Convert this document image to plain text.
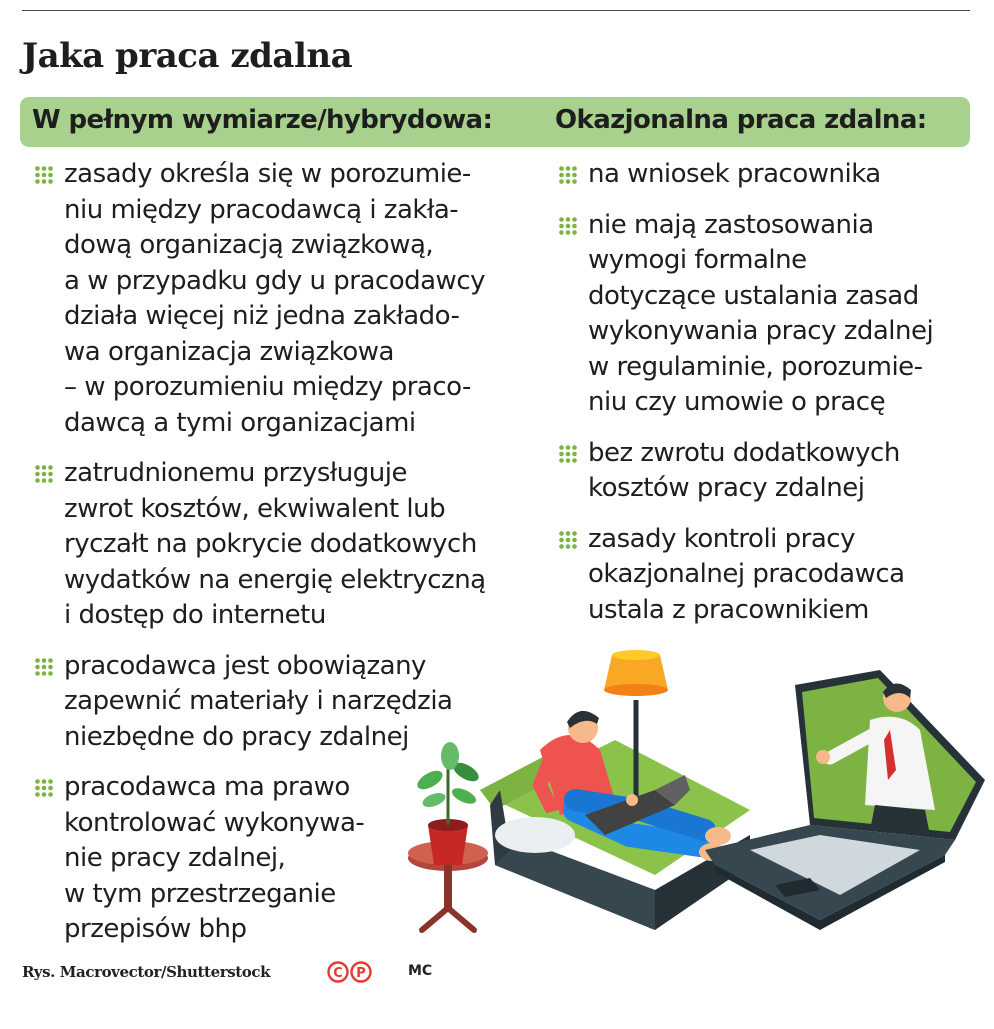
Jaka praca zdalna
W pełnym wymiarze/hybrydowa: Okazjonalna praca zdalna:
zasady określa się w porozumie-
niu między pracodawcą i zakła-
dową organizacją związkową,
a w przypadku gdy u pracodawcy
działa więcej niż jedna zakłado-
wa organizacja związkowa
– w porozumieniu między praco-
dawcą a tymi organizacjami
zatrudnionemu przysługuje
zwrot kosztów, ekwiwalent lub
ryczałt na pokrycie dodatkowych
wydatków na energię elektryczną
i dostęp do internetu
pracodawca jest obowiązany
zapewnić materiały i narzędzia
niezbędne do pracy zdalnej
pracodawca ma prawo
kontrolować wykonywa-
nie pracy zdalnej,
w tym przestrzeganie
przepisów bhp
na wniosek pracownika
nie mają zastosowania
wymogi formalne
dotyczące ustalania zasad
wykonywania pracy zdalnej
w regulaminie, porozumie-
niu czy umowie o pracę
bez zwrotu dodatkowych
kosztów pracy zdalnej
zasady kontroli pracy
okazjonalnej pracodawca
ustala z pracownikiem
Rys. Macrovector/Shutterstock	C P	MC
